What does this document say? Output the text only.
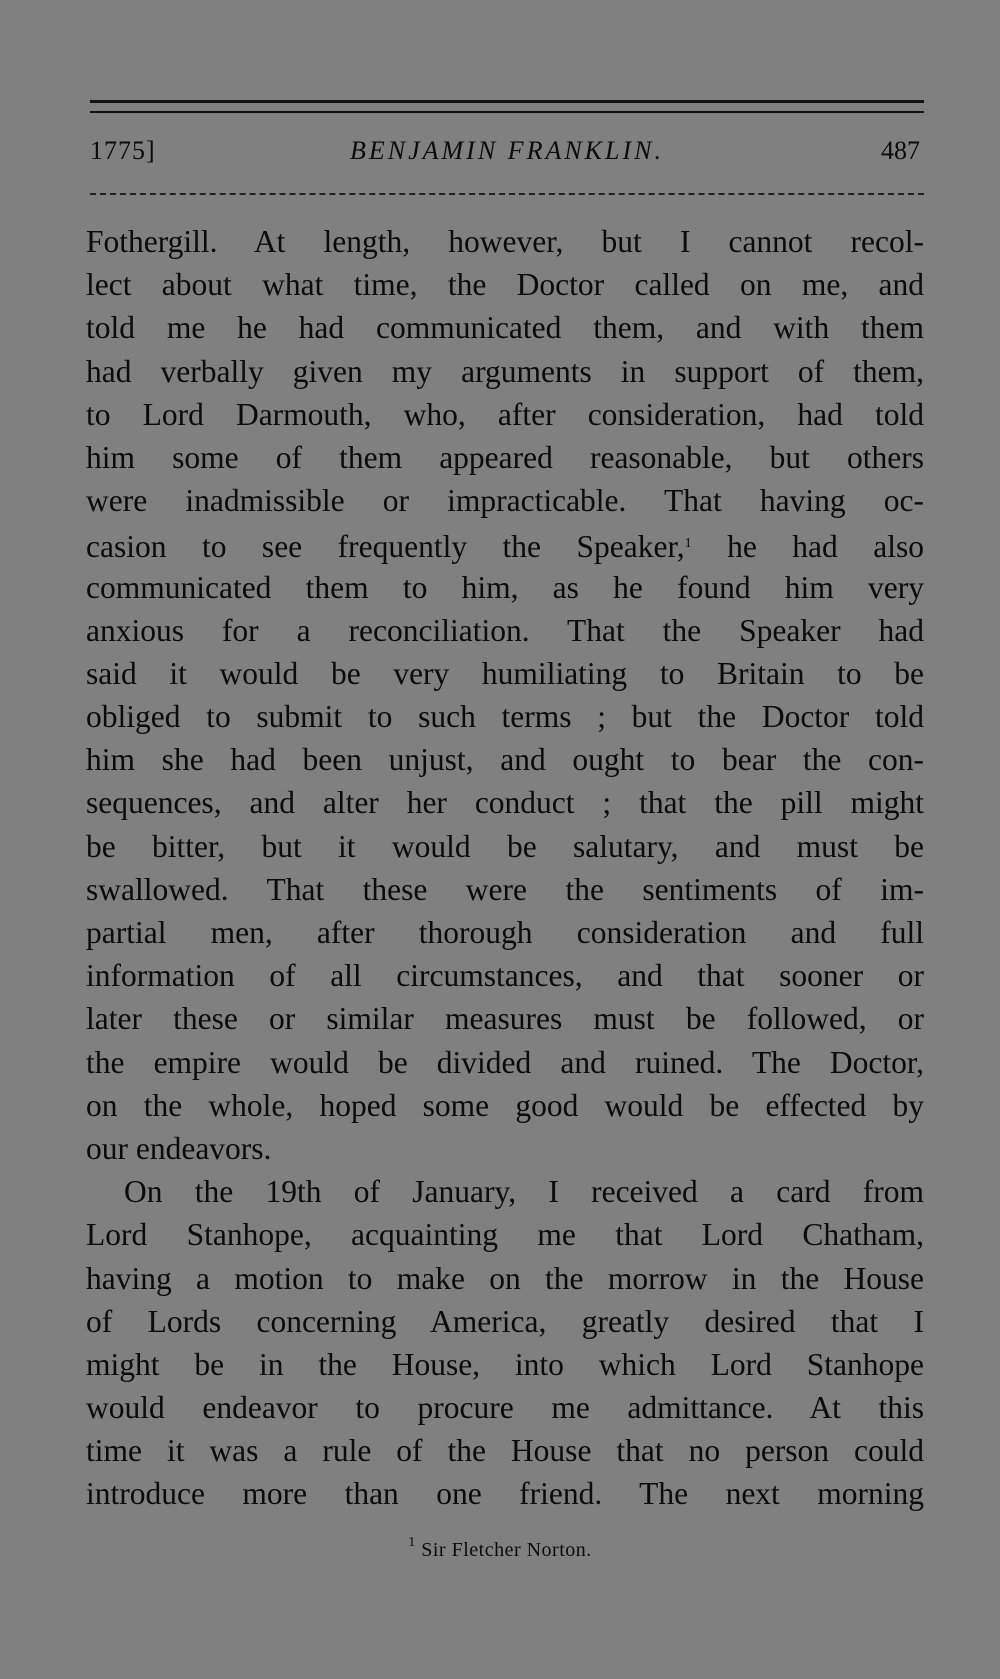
1775]	BENJAMIN FRANKLIN.	487
Fothergill. At length, however, but I cannot recol-
lect about what time, the Doctor called on me, and
told me he had communicated them, and with them
had verbally given my arguments in support of them,
to Lord Darmouth, who, after consideration, had told
him some of them appeared reasonable, but others
were inadmissible or impracticable. That having oc-
casion to see frequently the Speaker,$^1$ he had also
communicated them to him, as he found him very
anxious for a reconciliation. That the Speaker had
said it would be very humiliating to Britain to be
obliged to submit to such terms ; but the Doctor told
him she had been unjust, and ought to bear the con-
sequences, and alter her conduct ; that the pill might
be bitter, but it would be salutary, and must be
swallowed. That these were the sentiments of im-
partial men, after thorough consideration and full
information of all circumstances, and that sooner or
later these or similar measures must be followed, or
the empire would be divided and ruined. The Doctor,
on the whole, hoped some good would be effected by
our endeavors.
On the 19th of January, I received a card from
Lord Stanhope, acquainting me that Lord Chatham,
having a motion to make on the morrow in the House
of Lords concerning America, greatly desired that I
might be in the House, into which Lord Stanhope
would endeavor to procure me admittance. At this
time it was a rule of the House that no person could
introduce more than one friend. The next morning
$^1$ Sir Fletcher Norton.
